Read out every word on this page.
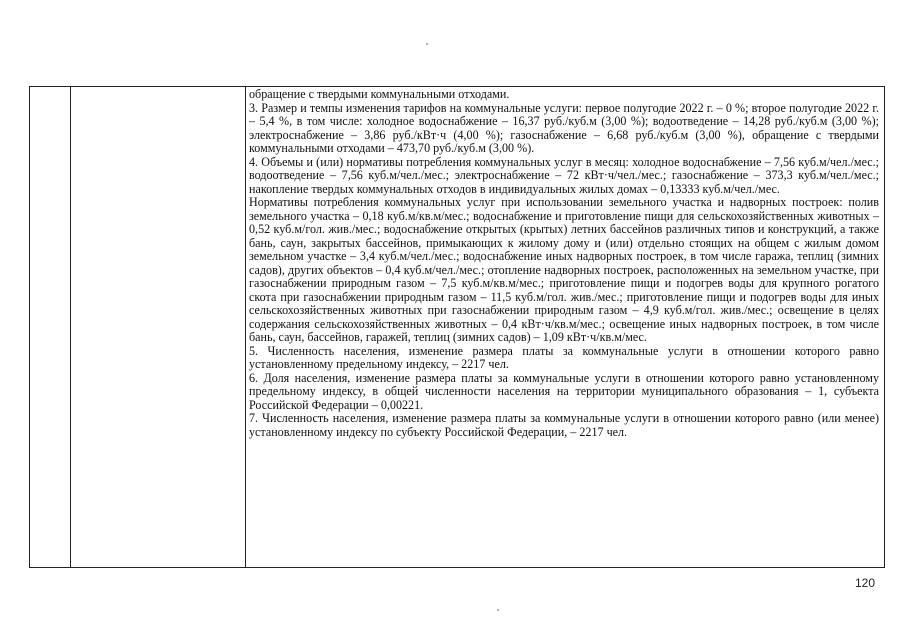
обращение с твердыми коммунальными отходами.

3. Размер и темпы изменения тарифов на коммунальные услуги: первое полугодие 2022 г. – 0 %; второе полугодие 2022 г. – 5,4 %, в том числе: холодное водоснабжение – 16,37 руб./куб.м (3,00 %); водоотведение – 14,28 руб./куб.м (3,00 %); электроснабжение – 3,86 руб./кВт·ч (4,00 %); газоснабжение – 6,68 руб./куб.м (3,00 %), обращение с твердыми коммунальными отходами – 473,70 руб./куб.м (3,00 %).

4. Объемы и (или) нормативы потребления коммунальных услуг в месяц: холодное водоснабжение – 7,56 куб.м/чел./мес.; водоотведение – 7,56 куб.м/чел./мес.; электроснабжение – 72 кВт·ч/чел./мес.; газоснабжение – 373,3 куб.м/чел./мес.; накопление твердых коммунальных отходов в индивидуальных жилых домах – 0,13333 куб.м/чел./мес.

Нормативы потребления коммунальных услуг при использовании земельного участка и надворных построек: полив земельного участка – 0,18 куб.м/кв.м/мес.; водоснабжение и приготовление пищи для сельскохозяйственных животных – 0,52 куб.м/гол. жив./мес.; водоснабжение открытых (крытых) летних бассейнов различных типов и конструкций, а также бань, саун, закрытых бассейнов, примыкающих к жилому дому и (или) отдельно стоящих на общем с жилым домом земельном участке – 3,4 куб.м/чел./мес.; водоснабжение иных надворных построек, в том числе гаража, теплиц (зимних садов), других объектов – 0,4 куб.м/чел./мес.; отопление надворных построек, расположенных на земельном участке, при газоснабжении природным газом – 7,5 куб.м/кв.м/мес.; приготовление пищи и подогрев воды для крупного рогатого скота при газоснабжении природным газом – 11,5 куб.м/гол. жив./мес.; приготовление пищи и подогрев воды для иных сельскохозяйственных животных при газоснабжении природным газом – 4,9 куб.м/гол. жив./мес.; освещение в целях содержания сельскохозяйственных животных – 0,4 кВт·ч/кв.м/мес.; освещение иных надворных построек, в том числе бань, саун, бассейнов, гаражей, теплиц (зимних садов) – 1,09 кВт·ч/кв.м/мес.

5. Численность населения, изменение размера платы за коммунальные услуги в отношении которого равно установленному предельному индексу, – 2217 чел.

6. Доля населения, изменение размера платы за коммунальные услуги в отношении которого равно установленному предельному индексу, в общей численности населения на территории муниципального образования – 1, субъекта Российской Федерации – 0,00221.

7. Численность населения, изменение размера платы за коммунальные услуги в отношении которого равно (или менее) установленному индексу по субъекту Российской Федерации, – 2217 чел.

120
